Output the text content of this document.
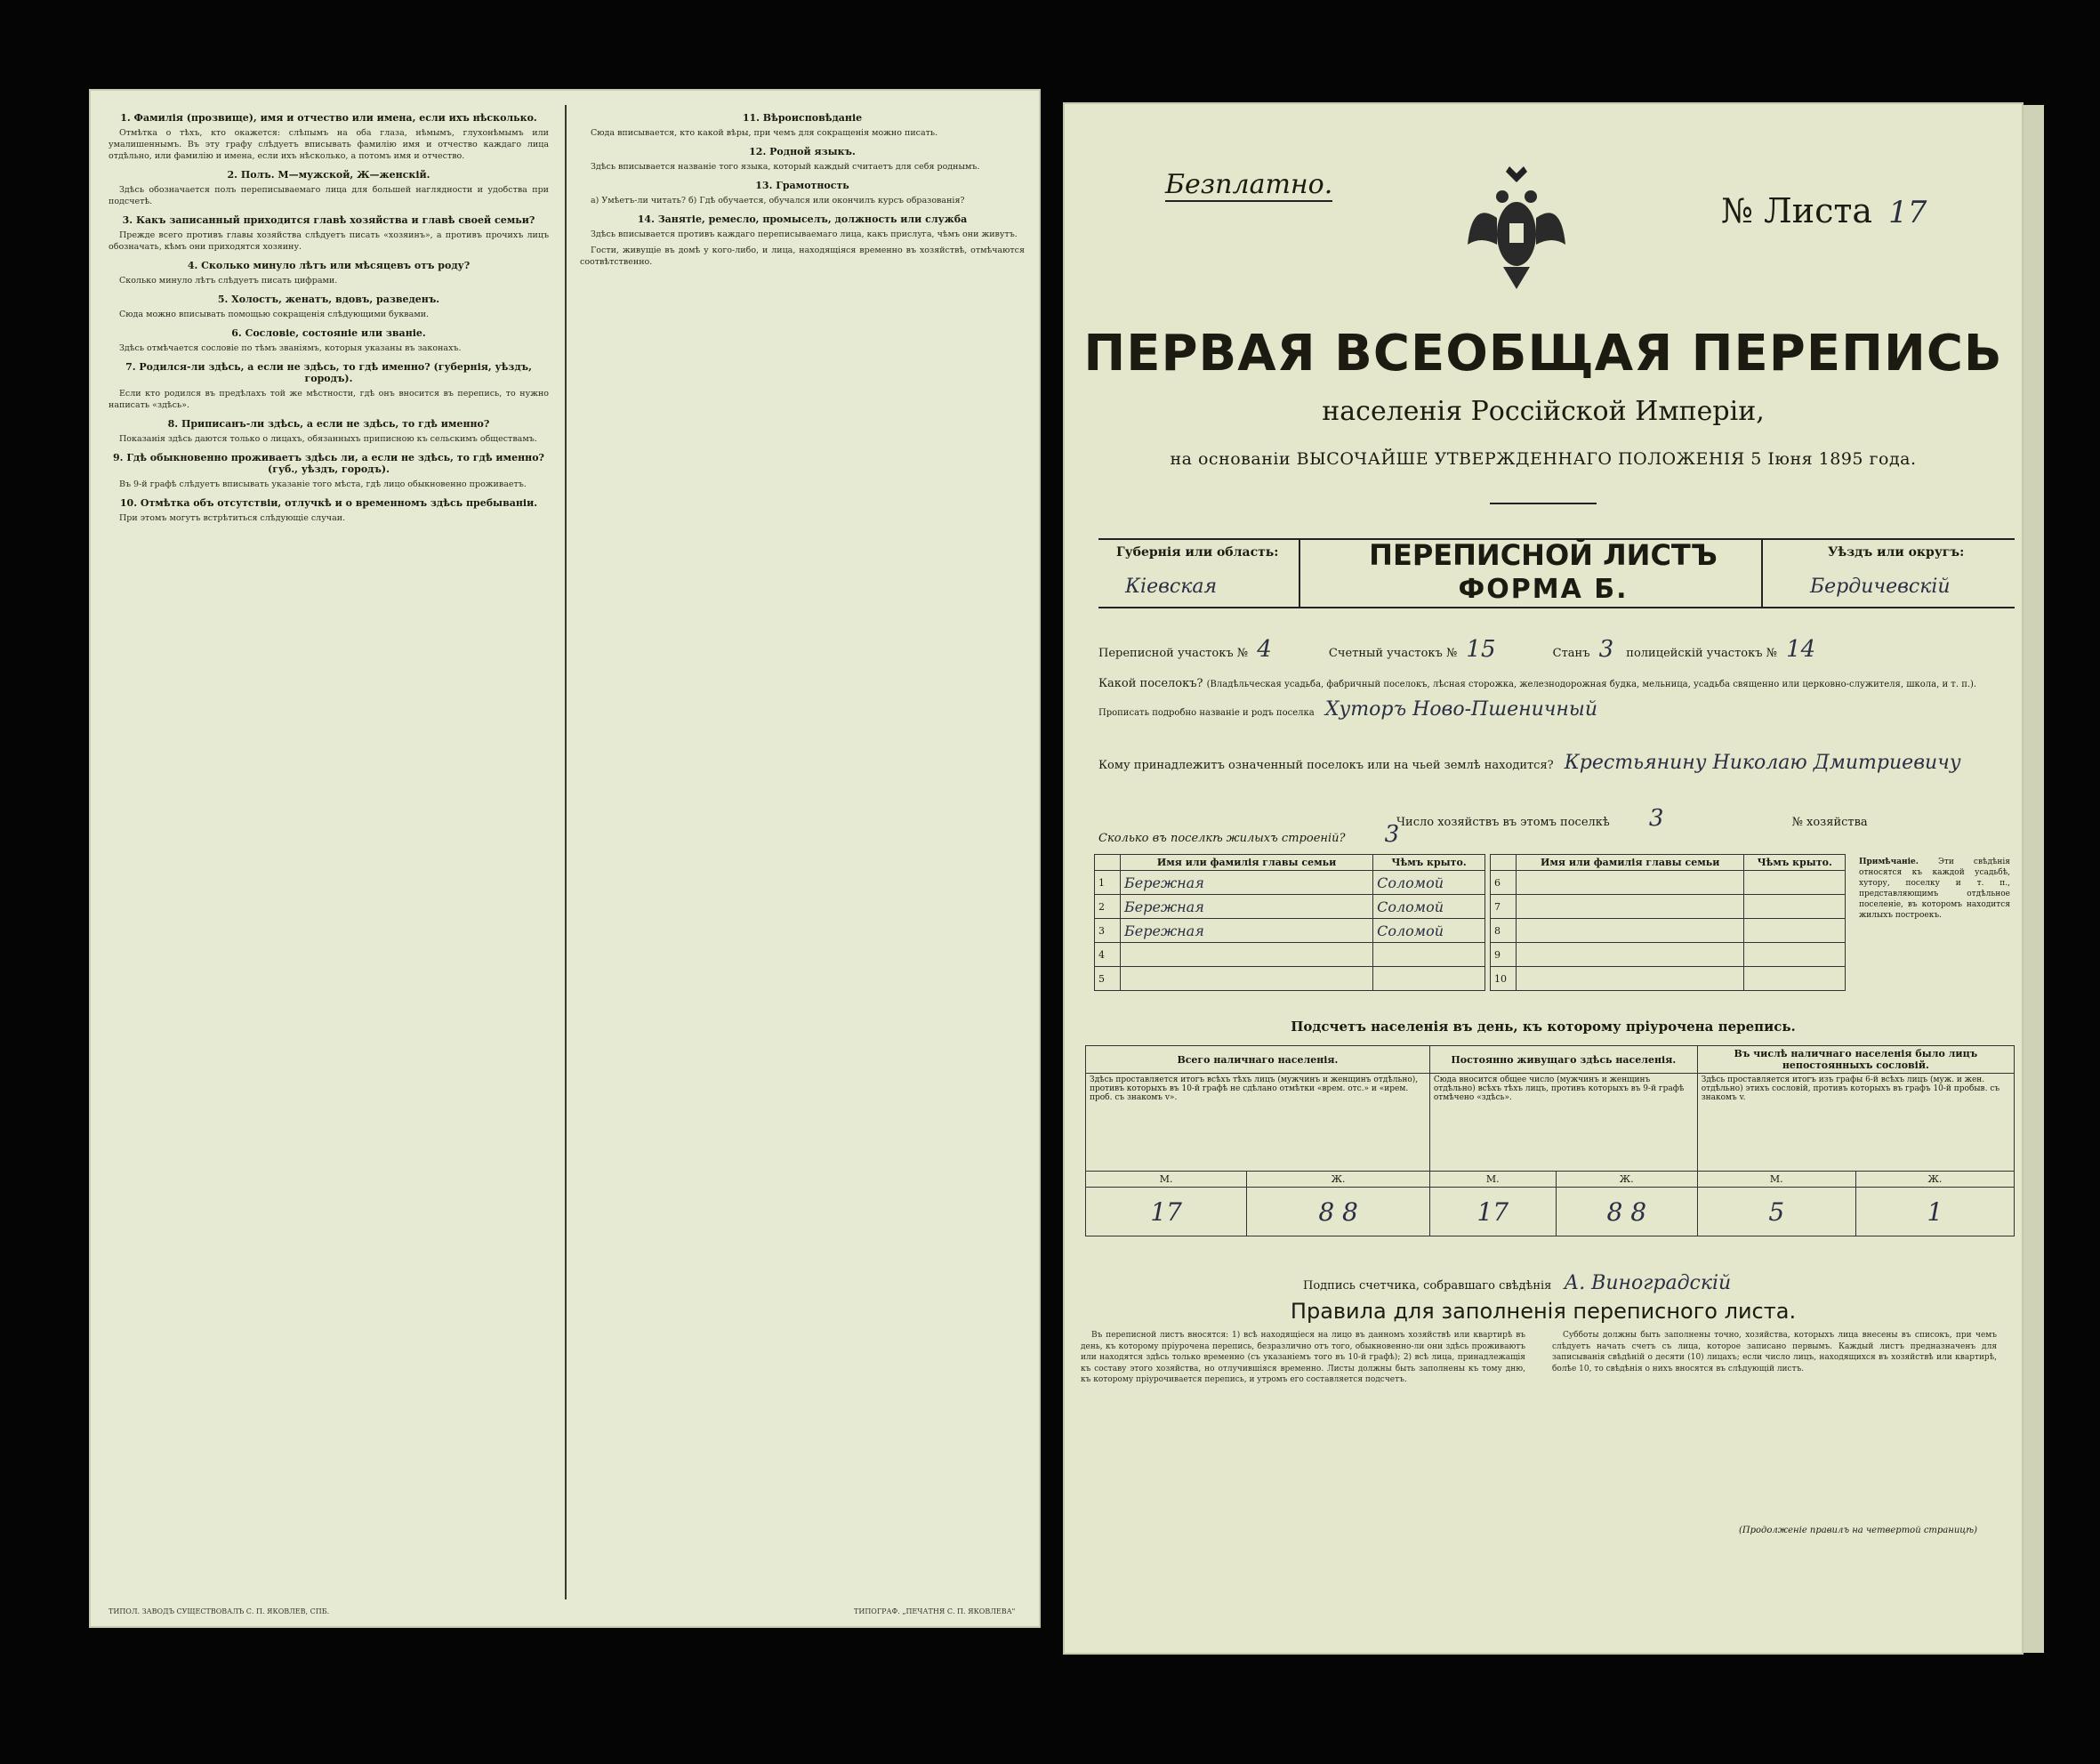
1. Фамилія (прозвище), имя и отчество или имена, если ихъ нѣсколько.

Отмѣтка о тѣхъ, кто окажется: слѣпымъ на оба глаза, нѣмымъ, глухонѣмымъ или умалишеннымъ. Въ эту графу слѣдуетъ вписывать фамилію имя и отчество каждаго лица отдѣльно, или фамилію и имена, если ихъ нѣсколько, а потомъ имя и отчество.

2. Полъ. М—мужской, Ж—женскій.

Здѣсь обозначается полъ переписываемаго лица для большей наглядности и удобства при подсчетѣ.

3. Какъ записанный приходится главѣ хозяйства и главѣ своей семьи?

Прежде всего противъ главы хозяйства слѣдуетъ писать «хозяинъ», а противъ прочихъ лицъ обозначать, кѣмъ они приходятся хозяину.

4. Сколько минуло лѣтъ или мѣсяцевъ отъ роду?

Сколько минуло лѣтъ слѣдуетъ писать цифрами.

5. Холостъ, женатъ, вдовъ, разведенъ.

Сюда можно вписывать помощью сокращенія слѣдующими буквами.

6. Сословіе, состояніе или званіе.

Здѣсь отмѣчается сословіе по тѣмъ званіямъ, которыя указаны въ законахъ.

7. Родился-ли здѣсь, а если не здѣсь, то гдѣ именно? (губернія, уѣздъ, городъ).

Если кто родился въ предѣлахъ той же мѣстности, гдѣ онъ вносится въ перепись, то нужно написать «здѣсь».

8. Приписанъ-ли здѣсь, а если не здѣсь, то гдѣ именно?

Показанія здѣсь даются только о лицахъ, обязанныхъ приписною къ сельскимъ обществамъ.

9. Гдѣ обыкновенно проживаетъ здѣсь ли, а если не здѣсь, то гдѣ именно? (губ., уѣздъ, городъ).

Въ 9-й графѣ слѣдуетъ вписывать указаніе того мѣста, гдѣ лицо обыкновенно проживаетъ.

10. Отмѣтка объ отсутствіи, отлучкѣ и о временномъ здѣсь пребываніи.

При этомъ могутъ встрѣтиться слѣдующіе случаи.

11. Вѣроисповѣданіе

Сюда вписывается, кто какой вѣры, при чемъ для сокращенія можно писать.

12. Родной языкъ.

Здѣсь вписывается названіе того языка, который каждый считаетъ для себя роднымъ.

13. Грамотность

а) Умѣетъ-ли читать? б) Гдѣ обучается, обучался или окончилъ курсъ образованія?

14. Занятіе, ремесло, промыселъ, должность или служба

Здѣсь вписывается противъ каждаго переписываемаго лица, какъ прислуга, чѣмъ они живутъ.

Гости, живущіе въ домѣ у кого-либо, и лица, находящіяся временно въ хозяйствѣ, отмѣчаются соотвѣтственно.

ТИПОЛ. ЗАВОДЪ СУЩЕСТВОВАЛЪ С. П. ЯКОВЛЕВ, СПБ.	ТИПОГРАФ. „ПЕЧАТНЯ С. П. ЯКОВЛЕВА"
Безплатно.
№ Листа 17
ПЕРВАЯ ВСЕОБЩАЯ ПЕРЕПИСЬ
населенія Россійской Имперіи,
на основаніи ВЫСОЧАЙШЕ УТВЕРЖДЕННАГО ПОЛОЖЕНІЯ 5 Іюня 1895 года.
Губернія или область:
Кіевская
ПЕРЕПИСНОЙ ЛИСТЪ
ФОРМА Б.
Уѣздъ или округъ:
Бердичевскій
Переписной участокъ № 4	Счетный участокъ № 15	Станъ 3 полицейскій участокъ № 14
Какой поселокъ? (Владѣльческая усадьба, фабричный поселокъ, лѣсная сторожка, железнодорожная будка, мельница, усадьба священно или церковно-служителя, школа, и т. п.). Прописать подробно названіе и родъ поселка Хуторъ Ново-Пшеничный
Кому принадлежитъ означенный поселокъ или на чьей землѣ находится? Крестьянину Николаю Дмитриевичу
Число хозяйствъ въ этомъ поселкѣ 3	№ хозяйства
Сколько въ поселкѣ жилыхъ строеній? 3
	Имя или фамилія главы семьи	Чѣмъ крыто.
1	Бережная	Соломой
2	Бережная	Соломой
3	Бережная	Соломой
4		
5		
	Имя или фамилія главы семьи	Чѣмъ крыто.
6		
7		
8		
9		
10		
Примѣчаніе. Эти свѣдѣнія относятся къ каждой усадьбѣ, хутору, поселку и т. п., представляющимъ отдѣльное поселеніе, въ которомъ находится жилыхъ построекъ.
Подсчетъ населенія въ день, къ которому пріурочена перепись.
Всего наличнаго населенія.		Постоянно живущаго здѣсь населенія.		Въ числѣ наличнаго населенія было лицъ непостоянныхъ сословій.	
Здѣсь проставляется итогъ всѣхъ тѣхъ лицъ (мужчинъ и женщинъ отдѣльно), противъ которыхъ въ 10-й графѣ не сдѣлано отмѣтки «врем. отс.» и «ирем. проб. съ знакомъ v».		Сюда вносится общее число (мужчинъ и женщинъ отдѣльно) всѣхъ тѣхъ лицъ, противъ которыхъ въ 9-й графѣ отмѣчено «здѣсь».		Здѣсь проставляется итогъ изъ графы 6-й всѣхъ лицъ (муж. и жен. отдѣльно) этихъ сословій, противъ которыхъ въ графъ 10-й пробыв. съ знакомъ v.	
М.	Ж.	М.	Ж.	М.	Ж.
17	8 8	17	8 8	5	1
Подпись счетчика, собравшаго свѣдѣнія А. Виноградскій
Правила для заполненія переписного листа.

Въ переписной листъ вносятся: 1) всѣ находящіеся на лицо въ данномъ хозяйствѣ или квартирѣ въ день, къ которому пріурочена перепись, безразлично отъ того, обыкновенно-ли они здѣсь проживаютъ или находятся здѣсь только временно (съ указаніемъ того въ 10-й графѣ); 2) всѣ лица, принадлежащія къ составу этого хозяйства, но отлучившіяся временно. Листы должны быть заполнены къ тому дню, къ которому пріурочивается перепись, и утромъ его составляется подсчетъ.

Субботы должны быть заполнены точно, хозяйства, которыхъ лица внесены въ списокъ, при чемъ слѣдуетъ начать счетъ съ лица, которое записано первымъ. Каждый листъ предназначенъ для записыванія свѣдѣній о десяти (10) лицахъ; если число лицъ, находящихся въ хозяйствѣ или квартирѣ, болѣе 10, то свѣдѣнія о нихъ вносятся въ слѣдующій листъ.

(Продолженіе правилъ на четвертой страницѣ)
